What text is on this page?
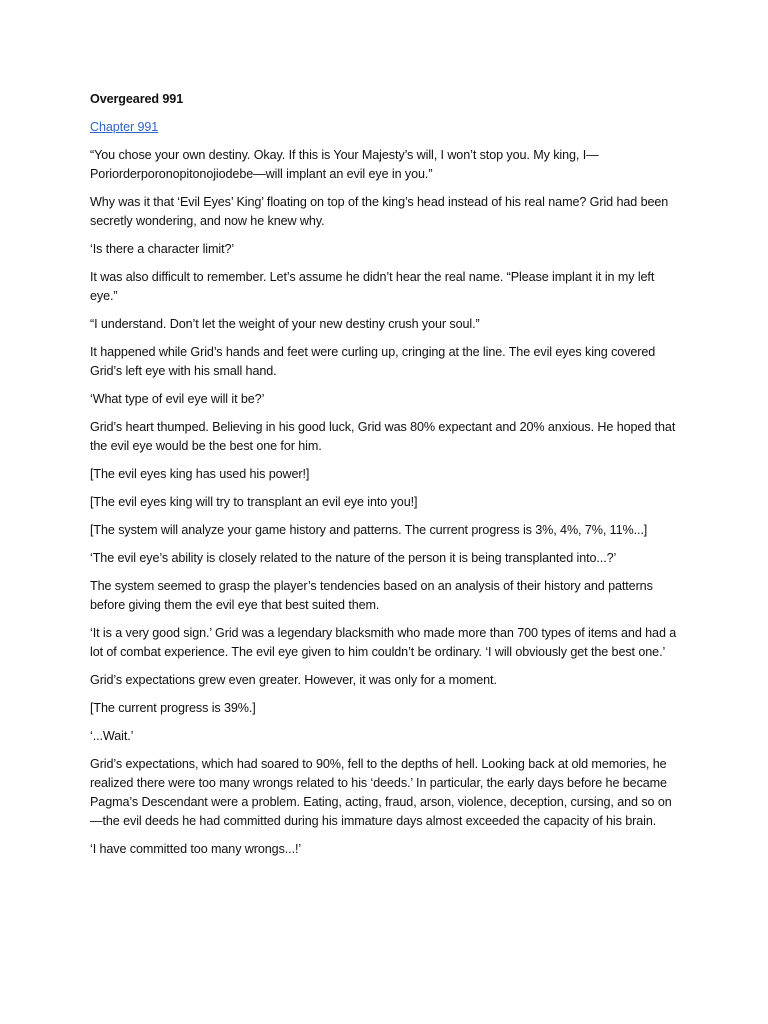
Overgeared 991
Chapter 991

“You chose your own destiny. Okay. If this is Your Majesty’s will, I won’t stop you. My king, I—Poriorderporonopitonojiodebe—will implant an evil eye in you.”

Why was it that ‘Evil Eyes’ King’ floating on top of the king’s head instead of his real name? Grid had been secretly wondering, and now he knew why.

‘Is there a character limit?’

It was also difficult to remember. Let’s assume he didn’t hear the real name. “Please implant it in my left eye.”

“I understand. Don’t let the weight of your new destiny crush your soul.”

It happened while Grid’s hands and feet were curling up, cringing at the line. The evil eyes king covered Grid’s left eye with his small hand.

‘What type of evil eye will it be?’

Grid’s heart thumped. Believing in his good luck, Grid was 80% expectant and 20% anxious. He hoped that the evil eye would be the best one for him.

[The evil eyes king has used his power!]

[The evil eyes king will try to transplant an evil eye into you!]

[The system will analyze your game history and patterns. The current progress is 3%, 4%, 7%, 11%...]

‘The evil eye’s ability is closely related to the nature of the person it is being transplanted into...?’

The system seemed to grasp the player’s tendencies based on an analysis of their history and patterns before giving them the evil eye that best suited them.

‘It is a very good sign.’ Grid was a legendary blacksmith who made more than 700 types of items and had a lot of combat experience. The evil eye given to him couldn’t be ordinary. ‘I will obviously get the best one.’

Grid’s expectations grew even greater. However, it was only for a moment.

[The current progress is 39%.]

‘...Wait.’

Grid’s expectations, which had soared to 90%, fell to the depths of hell. Looking back at old memories, he realized there were too many wrongs related to his ‘deeds.’ In particular, the early days before he became Pagma’s Descendant were a problem. Eating, acting, fraud, arson, violence, deception, cursing, and so on—the evil deeds he had committed during his immature days almost exceeded the capacity of his brain.

‘I have committed too many wrongs...!’
